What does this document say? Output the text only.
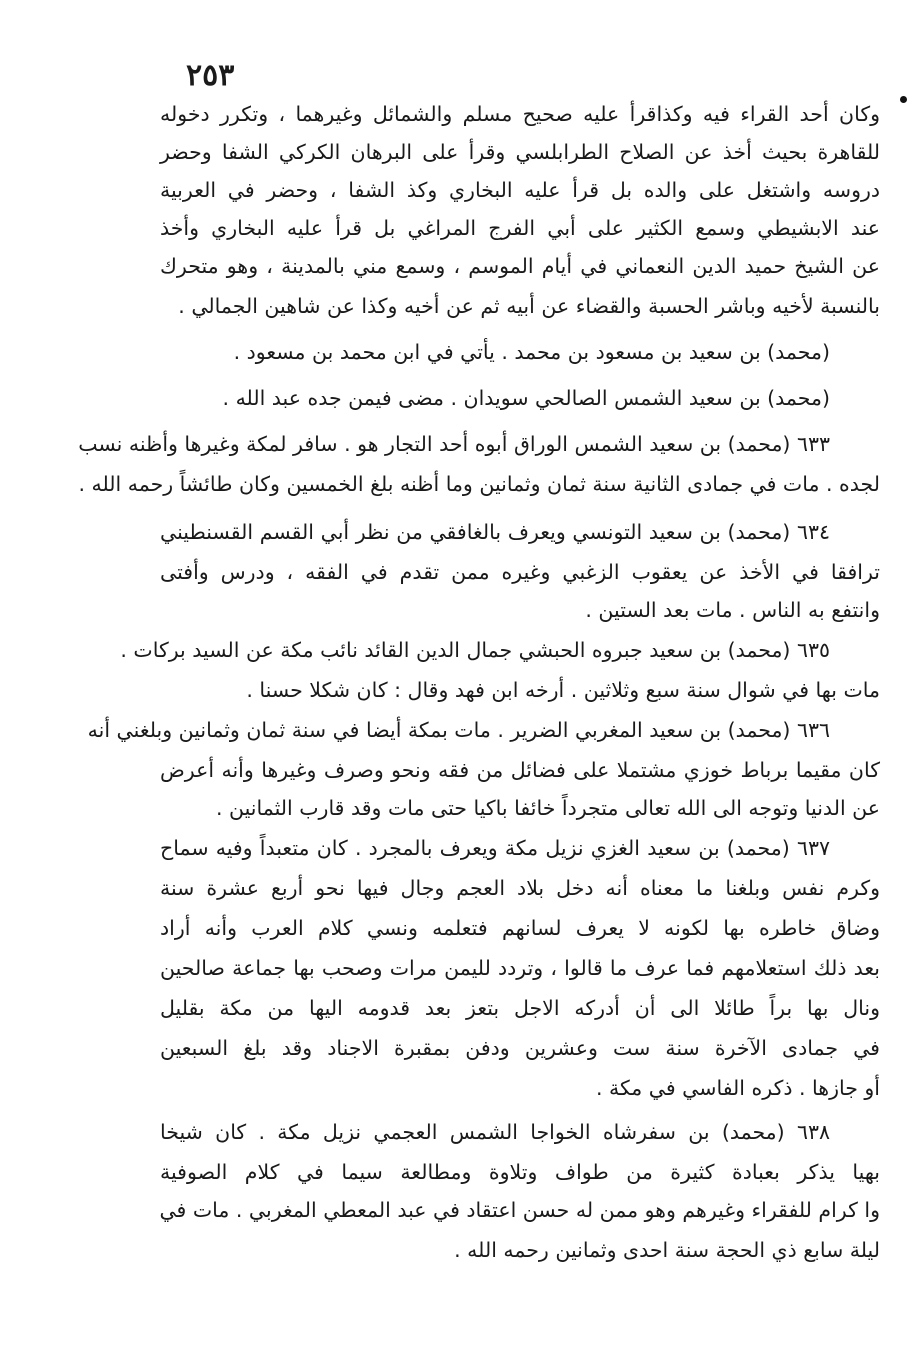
٢٥٣
وكان أحد القراء فيه وكذاقرأ عليه صحيح مسلم والشمائل وغيرهما ، وتكرر دخوله
للقاهرة بحيث أخذ عن الصلاح الطرابلسي وقرأ على البرهان الكركي الشفا وحضر
دروسه واشتغل على والده بل قرأ عليه البخاري وكذ الشفا ، وحضر في العربية
عند الابشيطي وسمع الكثير على أبي الفرج المراغي بل قرأ عليه البخاري وأخذ
عن الشيخ حميد الدين النعماني في أيام الموسم ، وسمع مني بالمدينة ، وهو متحرك
بالنسبة لأخيه وباشر الحسبة والقضاء عن أبيه ثم عن أخيه وكذا عن شاهين الجمالي .
(محمد) بن سعيد بن مسعود بن محمد . يأتي في ابن محمد بن مسعود .
(محمد) بن سعيد الشمس الصالحي سويدان . مضى فيمن جده عبد الله .
٦٣٣ (محمد) بن سعيد الشمس الوراق أبوه أحد التجار هو . سافر لمكة وغيرها وأظنه نسب
لجده . مات في جمادى الثانية سنة ثمان وثمانين وما أظنه بلغ الخمسين وكان طائشاً رحمه الله .
٦٣٤ (محمد) بن سعيد التونسي ويعرف بالغافقي من نظر أبي القسم القسنطيني
ترافقا في الأخذ عن يعقوب الزغبي وغيره ممن تقدم في الفقه ، ودرس وأفتى
وانتفع به الناس . مات بعد الستين .
٦٣٥ (محمد) بن سعيد جبروه الحبشي جمال الدين القائد نائب مكة عن السيد بركات .
مات بها في شوال سنة سبع وثلاثين . أرخه ابن فهد وقال : كان شكلا حسنا .
٦٣٦ (محمد) بن سعيد المغربي الضرير . مات بمكة أيضا في سنة ثمان وثمانين وبلغني أنه
كان مقيما برباط خوزي مشتملا على فضائل من فقه ونحو وصرف وغيرها وأنه أعرض
عن الدنيا وتوجه الى الله تعالى متجرداً خائفا باكيا حتى مات وقد قارب الثمانين .
٦٣٧ (محمد) بن سعيد الغزي نزيل مكة ويعرف بالمجرد . كان متعبداً وفيه سماح
وكرم نفس وبلغنا ما معناه أنه دخل بلاد العجم وجال فيها نحو أربع عشرة سنة
وضاق خاطره بها لكونه لا يعرف لسانهم فتعلمه ونسي كلام العرب وأنه أراد
بعد ذلك استعلامهم فما عرف ما قالوا ، وتردد لليمن مرات وصحب بها جماعة صالحين
ونال بها براً طائلا الى أن أدركه الاجل بتعز بعد قدومه اليها من مكة بقليل
في جمادى الآخرة سنة ست وعشرين ودفن بمقبرة الاجناد وقد بلغ السبعين
أو جازها . ذكره الفاسي في مكة .
٦٣٨ (محمد) بن سفرشاه الخواجا الشمس العجمي نزيل مكة . كان شيخا
بهيا يذكر بعبادة كثيرة من طواف وتلاوة ومطالعة سيما في كلام الصوفية
وا كرام للفقراء وغيرهم وهو ممن له حسن اعتقاد في عبد المعطي المغربي . مات في
ليلة سابع ذي الحجة سنة احدى وثمانين رحمه الله .
